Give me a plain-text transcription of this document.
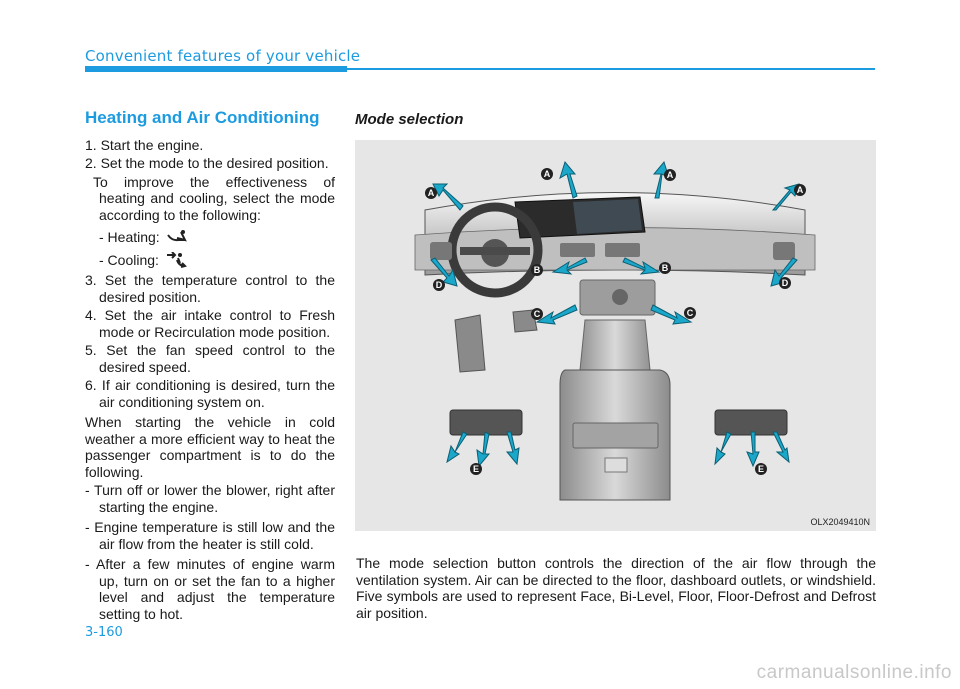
Convenient features of your vehicle
Heating and Air Conditioning

1. Start the engine.

2. Set the mode to the desired position.

To improve the effectiveness of heating and cooling, select the mode according to the following:

- Heating:
- Cooling:

3. Set the temperature control to the desired position.

4. Set the air intake control to Fresh mode or Recirculation mode position.

5. Set the fan speed control to the desired speed.

6. If air conditioning is desired, turn the air conditioning system on.

When starting the vehicle in cold weather a more efficient way to heat the passenger compartment is to do the following.

- Turn off or lower the blower, right after starting the engine.

- Engine temperature is still low and the air flow from the heater is still cold.

- After a few minutes of engine warm up, turn on or set the fan to a higher level and adjust the temperature setting to hot.

Mode selection
A
A	A
A
B	B
C	C
D	D
E	E
OLX2049410N

The mode selection button controls the direction of the air flow through the ventilation system. Air can be directed to the floor, dashboard outlets, or windshield. Five symbols are used to represent Face, Bi-Level, Floor, Floor-Defrost and Defrost air position.

3-160
carmanualsonline.info
